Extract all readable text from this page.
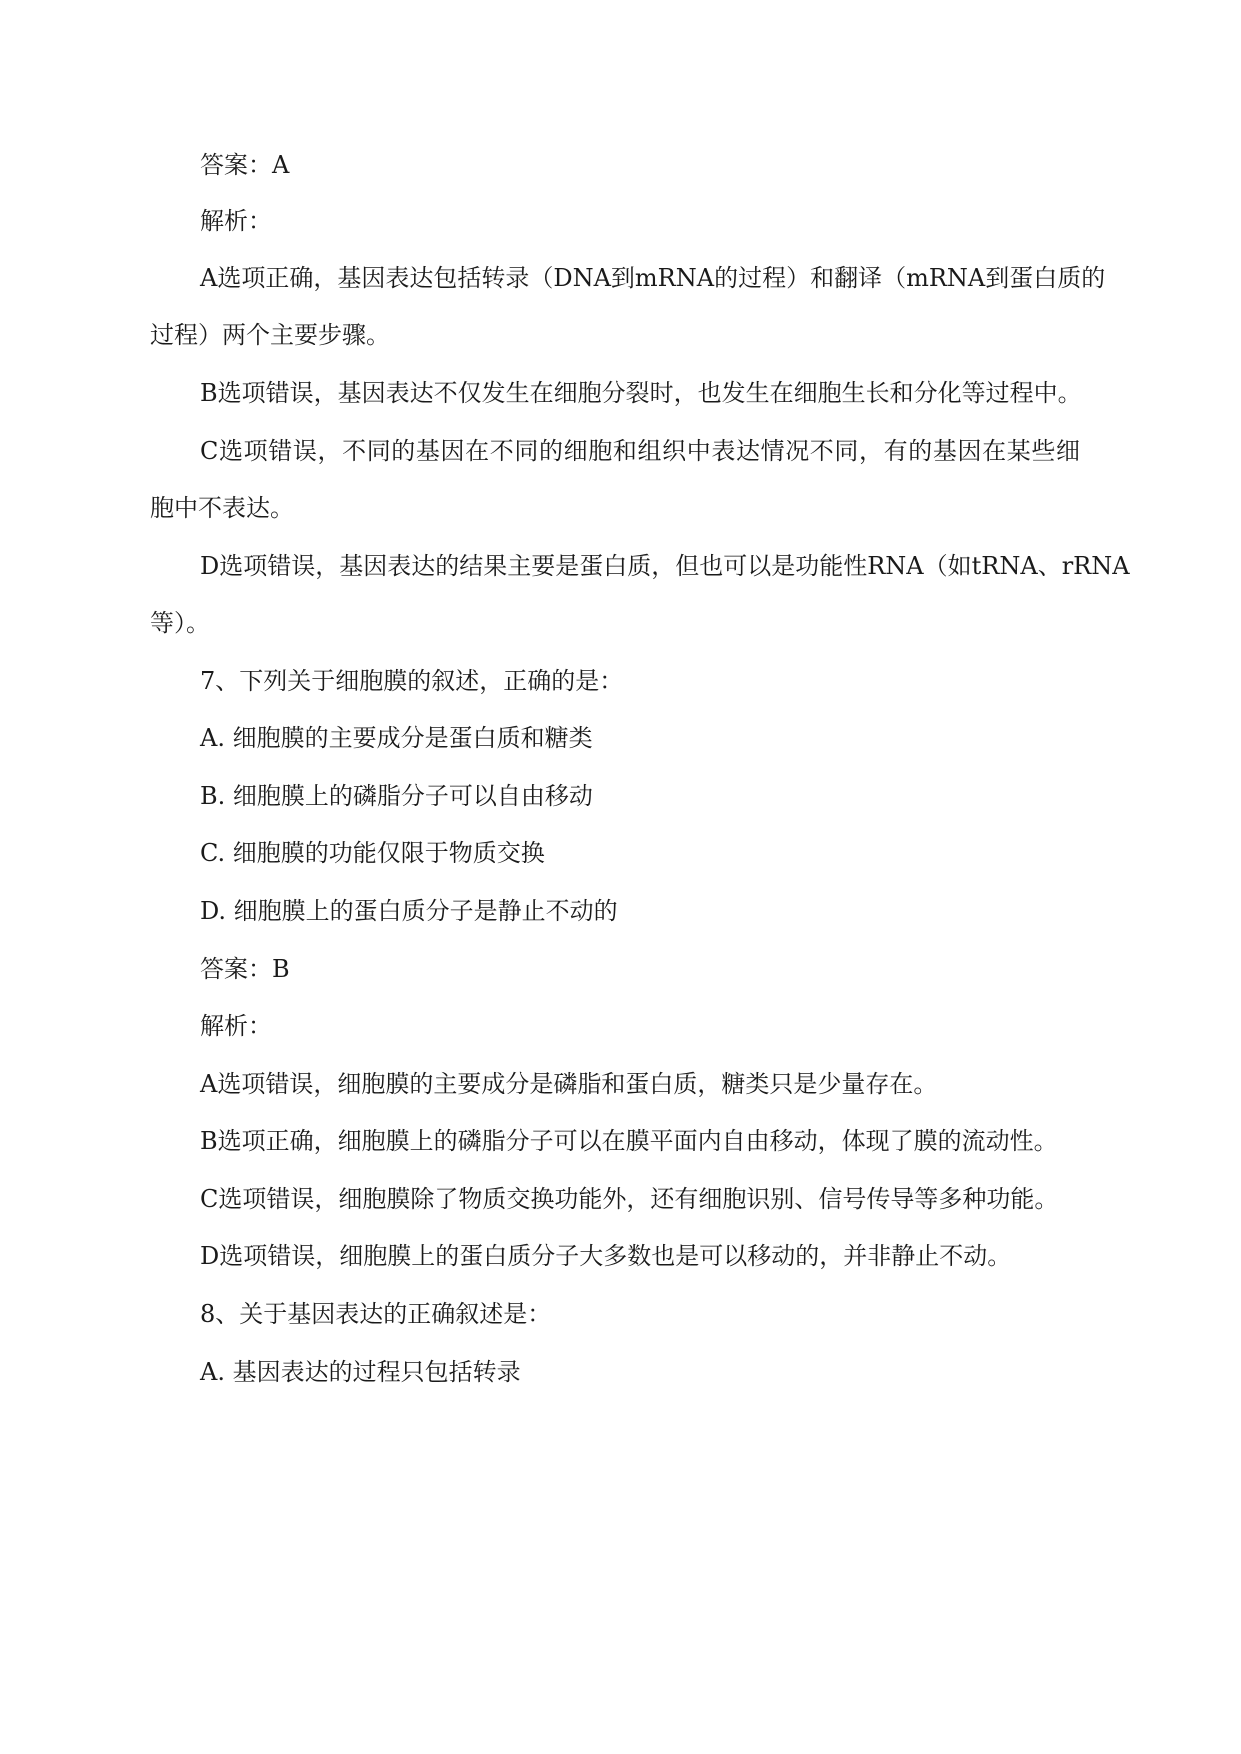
答案：A
解析：
A选项正确，基因表达包括转录（DNA到mRNA的过程）和翻译（mRNA到蛋白质的
过程）两个主要步骤。
B选项错误，基因表达不仅发生在细胞分裂时，也发生在细胞生长和分化等过程中。
C选项错误，不同的基因在不同的细胞和组织中表达情况不同，有的基因在某些细
胞中不表达。
D选项错误，基因表达的结果主要是蛋白质，但也可以是功能性RNA（如tRNA、rRNA
等）。
7、下列关于细胞膜的叙述，正确的是：
A. 细胞膜的主要成分是蛋白质和糖类
B. 细胞膜上的磷脂分子可以自由移动
C. 细胞膜的功能仅限于物质交换
D. 细胞膜上的蛋白质分子是静止不动的
答案：B
解析：
A选项错误，细胞膜的主要成分是磷脂和蛋白质，糖类只是少量存在。
B选项正确，细胞膜上的磷脂分子可以在膜平面内自由移动，体现了膜的流动性。
C选项错误，细胞膜除了物质交换功能外，还有细胞识别、信号传导等多种功能。
D选项错误，细胞膜上的蛋白质分子大多数也是可以移动的，并非静止不动。
8、关于基因表达的正确叙述是：
A. 基因表达的过程只包括转录
